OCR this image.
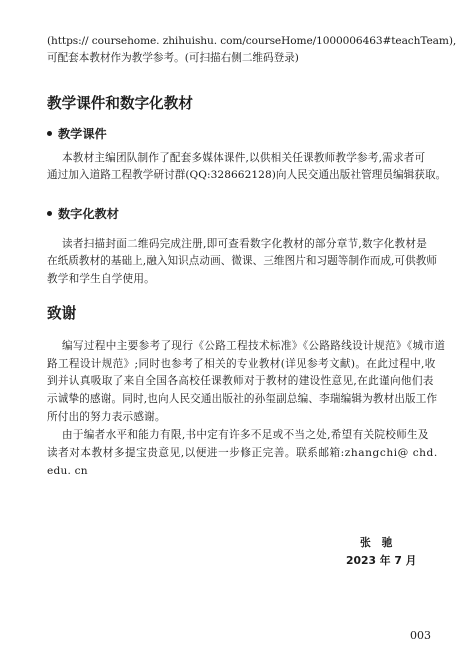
(https:// coursehome. zhihuishu. com/courseHome/1000006463#teachTeam),
可配套本教材作为教学参考。(可扫描右侧二维码登录)
教学课件和数字化教材
教学课件
本教材主编团队制作了配套多媒体课件,以供相关任课教师教学参考,需求者可
通过加入道路工程教学研讨群(QQ:328662128)向人民交通出版社管理员编辑获取。
数字化教材
读者扫描封面二维码完成注册,即可查看数字化教材的部分章节,数字化教材是
在纸质教材的基础上,融入知识点动画、微课、三维图片和习题等制作而成,可供教师
教学和学生自学使用。
致谢
编写过程中主要参考了现行《公路工程技术标准》《公路路线设计规范》《城市道
路工程设计规范》;同时也参考了相关的专业教材(详见参考文献)。在此过程中,收
到并认真吸取了来自全国各高校任课教师对于教材的建设性意见,在此谨向他们表
示诚挚的感谢。同时,也向人民交通出版社的孙玺副总编、李瑞编辑为教材出版工作
所付出的努力表示感谢。
由于编者水平和能力有限,书中定有许多不足或不当之处,希望有关院校师生及
读者对本教材多提宝贵意见,以便进一步修正完善。联系邮箱:zhangchi@ chd.
edu. cn
张　驰
2023 年 7 月
003
